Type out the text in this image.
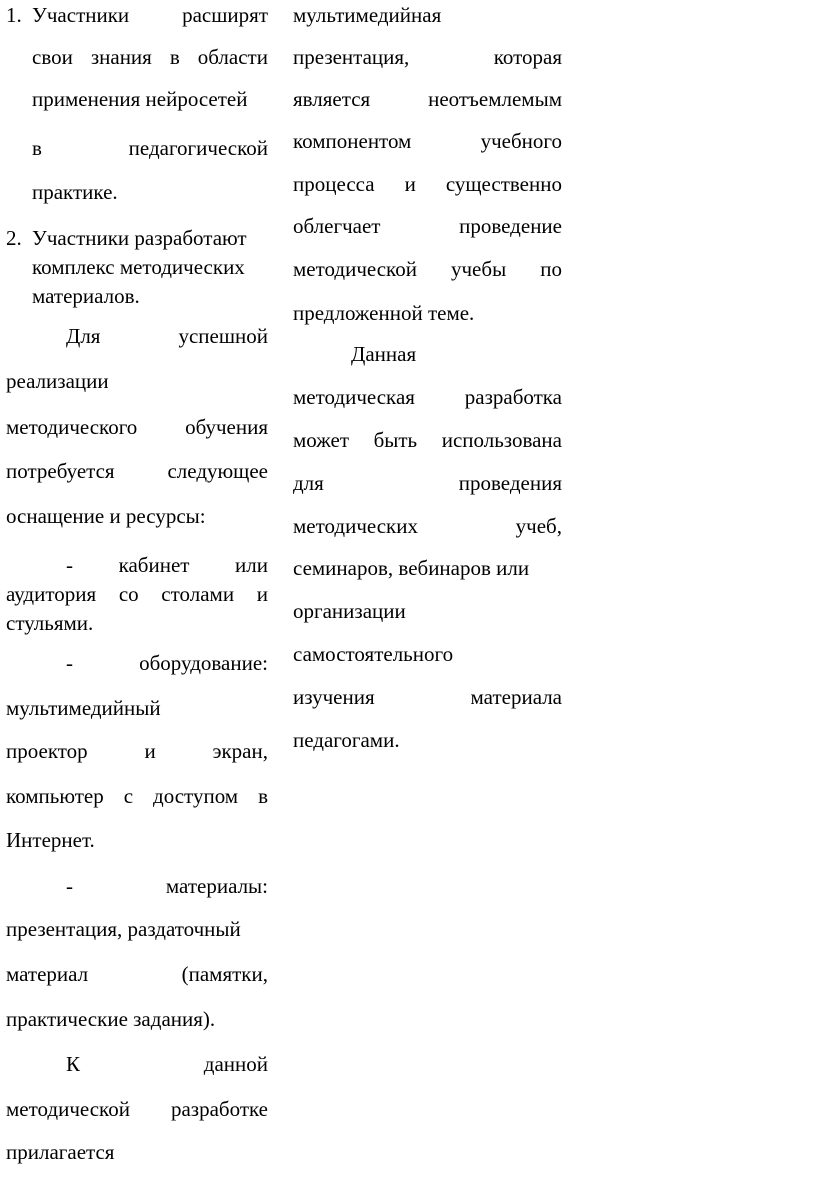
1. Участники	расширят
свои знания в области
применения нейросетей
в	педагогической
практике.
2. Участники разработают
комплекс методических
материалов.
Для	успешной
реализации
методического обучения
потребуется	следующее
оснащение и ресурсы:
- кабинет или
аудитория со столами и
стульями.
-	оборудование:
мультимедийный
проектор	и	экран,
компьютер с доступом в
Интернет.
-	материалы:
презентация, раздаточный
материал	(памятки,
практические задания).
К	данной
методической разработке
прилагается
мультимедийная
презентация,	которая
является	неотъемлемым
компонентом	учебного
процесса и существенно
облегчает	проведение
методической учебы по
предложенной теме.
Данная
методическая разработка
может быть использована
для	проведения
методических	учеб,
семинаров, вебинаров или
организации
самостоятельного
изучения	материала
педагогами.
